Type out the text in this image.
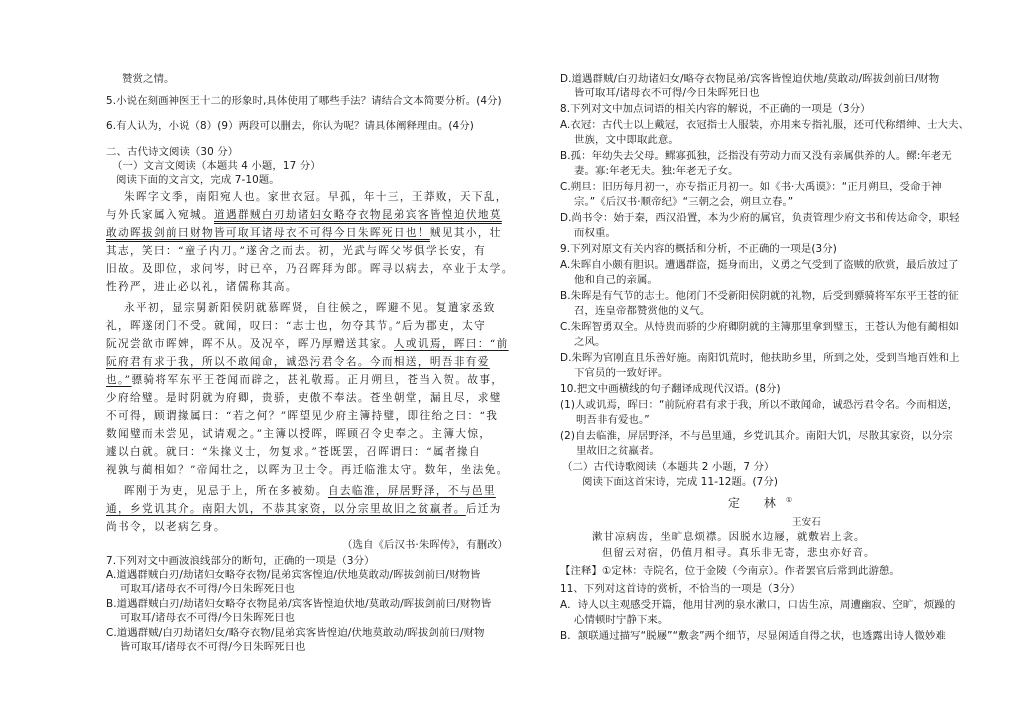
赞赏之情。
5.小说在刻画神医王十二的形象时,具体使用了哪些手法？请结合文本简要分析。(4分)
6.有人认为，小说（8）(9）两段可以删去，你认为呢？请具体阐释理由。(4分)
二、古代诗文阅读（30 分）
（一）文言文阅读（本题共 4 小题，17 分）
阅读下面的文言文，完成 7-10题。
朱晖字文季，南阳宛人也。家世衣冠。早孤，年十三，王莽败，天下乱，
与外氏家属入宛城。道遇群贼白刃劫诸妇女略夺衣物昆弟宾客皆惶迫伏地莫
敢动晖拔剑前曰财物皆可取耳诸母衣不可得今日朱晖死日也！贼见其小，壮
其志，笑曰：“童子内刀。”遂舍之而去。初，光武与晖父岑俱学长安，有
旧故。及即位，求问岑，时已卒，乃召晖拜为郎。晖寻以病去，卒业于太学。
性矜严，进止必以礼，诸儒称其高。
永平初，显宗舅新阳侯阴就慕晖贤，自往候之，晖避不见。复遣家丞致
礼，晖遂闭门不受。就闻，叹曰：“志士也，勿夺其节。”后为郡吏，太守
阮况尝欲市晖婢，晖不从。及况卒，晖乃厚赠送其家。人或讥焉，晖曰：“前
阮府君有求于我，所以不敢闻命，诚恐污君令名。今而相送，明吾非有爱
也。”骠骑将军东平王苍闻而辟之，甚礼敬焉。正月朔旦，苍当入贺。故事，
少府给璧。是时阴就为府卿，贵骄，吏傲不奉法。苍坐朝堂，漏且尽，求璧
不可得，顾谓掾属曰：“若之何？”晖望见少府主簿持璧，即往绐之曰：“我
数闻璧而未尝见，试请观之。”主簿以授晖，晖顾召令史奉之。主簿大惊，
遽以白就。就曰：“朱掾义士，勿复求。”苍既罢，召晖谓曰：“属者掾自
视孰与蔺相如？”帝闻壮之，以晖为卫士令。再迁临淮太守。数年，坐法免。
晖刚于为吏，见忌于上，所在多被劾。自去临淮，屏居野泽，不与邑里
通，乡党讥其介。南阳大饥，不恭其家资，以分宗里故旧之贫羸者。后迁为
尚书令，以老病乞身。
（选自《后汉书·朱晖传》，有删改）
7.下列对文中画波浪线部分的断句，正确的一项是（3分）
A.道遇群贼白刃/劫诸妇女略夺衣物/昆弟宾客惶迫/伏地莫敢动/晖拔剑前曰/财物皆
可取耳/诸母衣不可得/今日朱晖死日也
B.道遇群贼白刃/劫诸妇女略夺衣物昆弟/宾客皆惶迫伏地/莫敢动/晖拔剑前曰/财物皆
可取耳/诸母衣不可得/今日朱晖死日也
C.道遇群贼/白刃劫诸妇女/略夺衣物/昆弟宾客皆惶迫/伏地莫敢动/晖拔剑前曰/财物
皆可取耳/诸母衣不可得/今日朱晖死日也
D.道遇群贼/白刃劫诸妇女/略夺衣物昆弟/宾客皆惶迫伏地/莫敢动/晖拔剑前曰/财物
皆可取耳/诸母衣不可得/今日朱晖死日也
8.下列对文中加点词语的相关内容的解说，不正确的一项是（3分）
A.衣冠：古代士以上戴冠，衣冠指士人服装，亦用来专指礼服，还可代称缙绅、士大夫、
世族，文中即取此意。
B.孤：年幼失去父母。鳏寡孤独，泛指没有劳动力而又没有亲属供养的人。鳏:年老无
妻。寡:年老无夫。独:年老无子女。
C.朔旦：旧历每月初一，亦专指正月初一。如《书·大禹谟》：“正月朔旦，受命于神
宗。”《后汉书·顺帝纪》“三朝之会，朔旦立春。”
D.尚书令：始于秦，西汉沿置，本为少府的属官，负责管理少府文书和传达命令，职轻
而权重。
9.下列对原文有关内容的概括和分析，不正确的一项是(3分)
A.朱晖自小颇有胆识。遭遇群盗，挺身而出，义勇之气受到了盗贼的欣赏，最后放过了
他和自己的亲属。
B.朱晖是有气节的志士。他闭门不受新阳侯阴就的礼物，后受到骠骑将军东平王苍的征
召，连皇帝都赞赏他的义气。
C.朱晖智勇双全。从恃贵而骄的少府卿阴就的主簿那里拿到璧玉，王苍认为他有蔺相如
之风。
D.朱晖为官刚直且乐善好施。南阳饥荒时，他扶助乡里，所到之处，受到当地百姓和上
下官员的一致好评。
10.把文中画横线的句子翻译成现代汉语。(8分)
(1)人或讥焉，晖曰：“前阮府君有求于我，所以不敢闻命，诚恐污君令名。今而相送，
明吾非有爱也。”
(2)自去临淮，屏居野泽，不与邑里通，乡党讥其介。南阳大饥，尽散其家资，以分宗
里故旧之贫羸者。
（二）古代诗歌阅读（本题共 2 小题，7 分）
阅读下面这首宋诗，完成 11-12题。(7分)
定 林①
王安石
漱甘凉病齿，坐旷息烦襟。因脱水边屦，就敷岩上衾。
但留云对宿，仍值月相寻。真乐非无寄，悲虫亦好音。
【注释】①定林：寺院名，位于金陵（今南京）。作者罢官后常到此游憩。
11、下列对这首诗的赏析，不恰当的一项是（3分）
A．诗人以主观感受开篇，他用甘冽的泉水漱口，口齿生凉，周遭幽寂、空旷，烦躁的
心情顿时宁静下来。
B．颔联通过描写“脱屦”“敷衾”两个细节，尽显闲适自得之状，也透露出诗人微妙难
